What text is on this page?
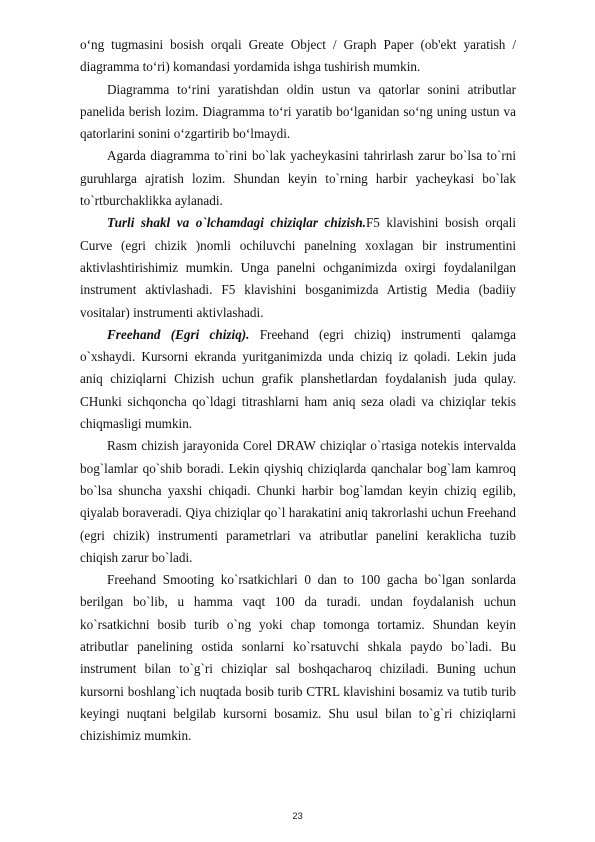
o‘ng tugmasini bosish orqali Greate Object / Graph Paper (ob'ekt yaratish / diagramma to‘ri) komandasi yordamida ishga tushirish mumkin.

Diagramma to‘rini yaratishdan oldin ustun va qatorlar sonini atributlar panelida berish lozim. Diagramma to‘ri yaratib bo‘lganidan so‘ng uning ustun va qatorlarini sonini o‘zgartirib bo‘lmaydi.

Agarda diagramma to`rini bo`lak yacheykasini tahrirlash zarur bo`lsa to`rni guruhlarga ajratish lozim. Shundan keyin to`rning harbir yacheykasi bo`lak to`rtburchaklikka aylanadi.

Turli shakl va o`lchamdagi chiziqlar chizish.F5 klavishini bosish orqali Curve (egri chizik )nomli ochiluvchi panelning xoxlagan bir instrumentini aktivlashtirishimiz mumkin. Unga panelni ochganimizda oxirgi foydalanilgan instrument aktivlashadi. F5 klavishini bosganimizda Artistig Media (badiiy vositalar) instrumenti aktivlashadi.

Freehand (Egri chiziq). Freehand (egri chiziq) instrumenti qalamga o`xshaydi. Kursorni ekranda yuritganimizda unda chiziq iz qoladi. Lekin juda aniq chiziqlarni Chizish uchun grafik planshetlardan foydalanish juda qulay. CHunki sichqoncha qo`ldagi titrashlarni ham aniq seza oladi va chiziqlar tekis chiqmasligi mumkin.

Rasm chizish jarayonida Corel DRAW chiziqlar o`rtasiga notekis intervalda bog`lamlar qo`shib boradi. Lekin qiyshiq chiziqlarda qanchalar bog`lam kamroq bo`lsa shuncha yaxshi chiqadi. Chunki harbir bog`lamdan keyin chiziq egilib, qiyalab boraveradi. Qiya chiziqlar qo`l harakatini aniq takrorlashi uchun Freehand (egri chizik) instrumenti parametrlari va atributlar panelini keraklicha tuzib chiqish zarur bo`ladi.

Freehand Smooting ko`rsatkichlari 0 dan to 100 gacha bo`lgan sonlarda berilgan bo`lib, u hamma vaqt 100 da turadi. undan foydalanish uchun ko`rsatkichni bosib turib o`ng yoki chap tomonga tortamiz. Shundan keyin atributlar panelining ostida sonlarni ko`rsatuvchi shkala paydo bo`ladi. Bu instrument bilan to`g`ri chiziqlar sal boshqacharoq chiziladi. Buning uchun kursorni boshlang`ich nuqtada bosib turib CTRL klavishini bosamiz va tutib turib keyingi nuqtani belgilab kursorni bosamiz. Shu usul bilan to`g`ri chiziqlarni chizishimiz mumkin.

23
